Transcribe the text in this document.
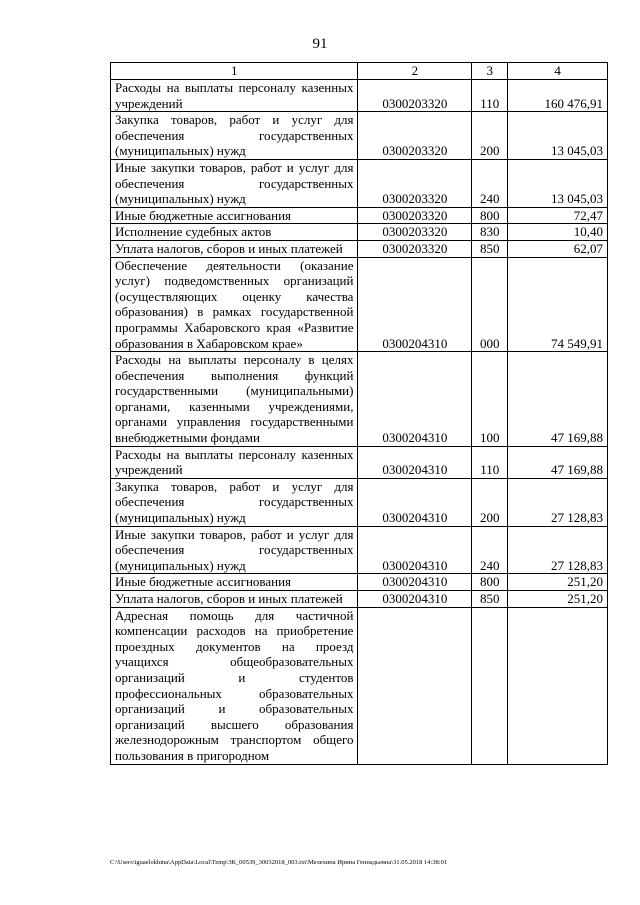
91
1	2	3	4
Расходы на выплаты персоналу казенных учреждений	0300203320	110	160 476,91
Закупка товаров, работ и услуг для обеспечения государственных (муниципальных) нужд	0300203320	200	13 045,03
Иные закупки товаров, работ и услуг для обеспечения государственных (муниципальных) нужд	0300203320	240	13 045,03
Иные бюджетные ассигнования	0300203320	800	72,47
Исполнение судебных актов	0300203320	830	10,40
Уплата налогов, сборов и иных платежей	0300203320	850	62,07
Обеспечение деятельности (оказание услуг) подведомственных организаций (осуществляющих оценку качества образования) в рамках государственной программы Хабаровского края «Развитие образования в Хабаровском крае»	0300204310	000	74 549,91
Расходы на выплаты персоналу в целях обеспечения выполнения функций государственными (муниципальными) органами, казенными учреждениями, органами управления государственными внебюджетными фондами	0300204310	100	47 169,88
Расходы на выплаты персоналу казенных учреждений	0300204310	110	47 169,88
Закупка товаров, работ и услуг для обеспечения государственных (муниципальных) нужд	0300204310	200	27 128,83
Иные закупки товаров, работ и услуг для обеспечения государственных (муниципальных) нужд	0300204310	240	27 128,83
Иные бюджетные ассигнования	0300204310	800	251,20
Уплата налогов, сборов и иных платежей	0300204310	850	251,20
Адресная помощь для частичной компенсации расходов на приобретение проездных документов на проезд учащихся общеобразовательных организаций и студентов профессиональных образовательных организаций и образовательных организаций высшего образования железнодорожным транспортом общего пользования в пригородном			
C:\Users\iguaelokhina\AppData\Local\Temp\ЗК_00539_30032018_003.txt\Мелехина Ирина Геннадьевна\31.05.2018 14:38:01
